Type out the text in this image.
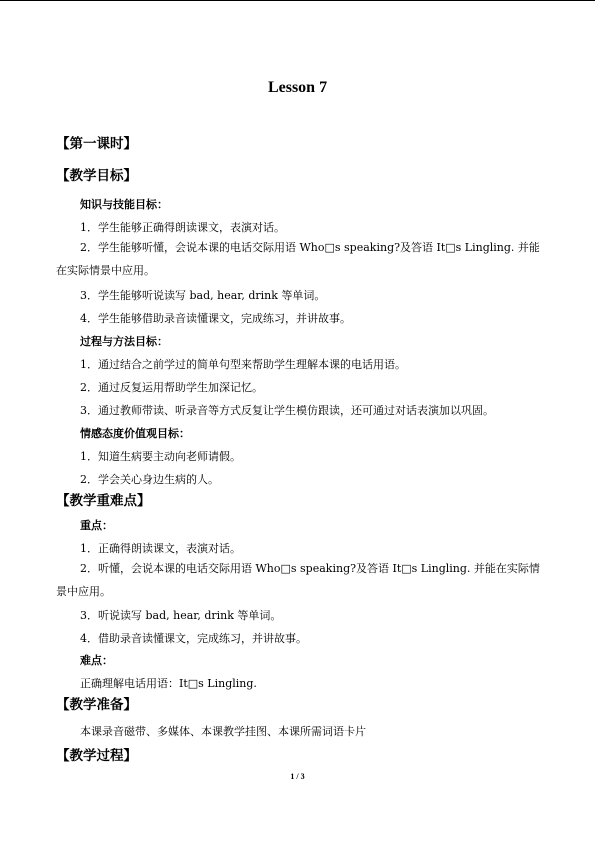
Lesson 7
【第一课时】
【教学目标】
知识与技能目标：
1．学生能够正确得朗读课文，表演对话。
2．学生能够听懂，会说本课的电话交际用语 Who□s speaking?及答语 It□s Lingling. 并能在实际情景中应用。
3．学生能够听说读写 bad, hear, drink 等单词。
4．学生能够借助录音读懂课文，完成练习，并讲故事。
过程与方法目标：
1．通过结合之前学过的简单句型来帮助学生理解本课的电话用语。
2．通过反复运用帮助学生加深记忆。
3．通过教师带读、听录音等方式反复让学生模仿跟读，还可通过对话表演加以巩固。
情感态度价值观目标：
1．知道生病要主动向老师请假。
2．学会关心身边生病的人。
【教学重难点】
重点：
1．正确得朗读课文，表演对话。
2．听懂，会说本课的电话交际用语 Who□s speaking?及答语 It□s Lingling. 并能在实际情景中应用。
3．听说读写 bad, hear, drink 等单词。
4．借助录音读懂课文，完成练习，并讲故事。
难点：
正确理解电话用语：It□s Lingling.
【教学准备】
本课录音磁带、多媒体、本课教学挂图、本课所需词语卡片
【教学过程】
1 / 3
